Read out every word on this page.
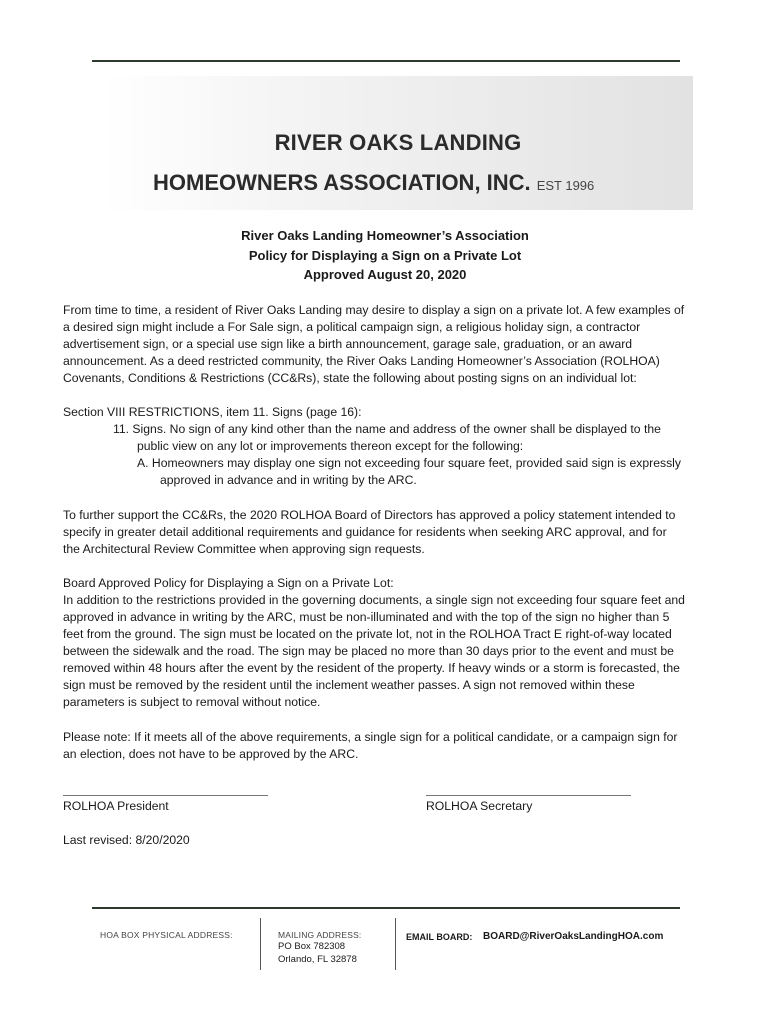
RIVER OAKS LANDING
HOMEOWNERS ASSOCIATION, INC. EST 1996
River Oaks Landing Homeowner’s Association
Policy for Displaying a Sign on a Private Lot
Approved August 20, 2020
From time to time, a resident of River Oaks Landing may desire to display a sign on a private lot. A few examples of
a desired sign might include a For Sale sign, a political campaign sign, a religious holiday sign, a contractor
advertisement sign, or a special use sign like a birth announcement, garage sale, graduation, or an award
announcement. As a deed restricted community, the River Oaks Landing Homeowner’s Association (ROLHOA)
Covenants, Conditions & Restrictions (CC&Rs), state the following about posting signs on an individual lot:
Section VIII RESTRICTIONS, item 11. Signs (page 16):
11. Signs. No sign of any kind other than the name and address of the owner shall be displayed to the
public view on any lot or improvements thereon except for the following:
A. Homeowners may display one sign not exceeding four square feet, provided said sign is expressly
approved in advance and in writing by the ARC.
To further support the CC&Rs, the 2020 ROLHOA Board of Directors has approved a policy statement intended to
specify in greater detail additional requirements and guidance for residents when seeking ARC approval, and for
the Architectural Review Committee when approving sign requests.
Board Approved Policy for Displaying a Sign on a Private Lot:
In addition to the restrictions provided in the governing documents, a single sign not exceeding four square feet and
approved in advance in writing by the ARC, must be non-illuminated and with the top of the sign no higher than 5
feet from the ground. The sign must be located on the private lot, not in the ROLHOA Tract E right-of-way located
between the sidewalk and the road. The sign may be placed no more than 30 days prior to the event and must be
removed within 48 hours after the event by the resident of the property. If heavy winds or a storm is forecasted, the
sign must be removed by the resident until the inclement weather passes. A sign not removed within these
parameters is subject to removal without notice.
Please note: If it meets all of the above requirements, a single sign for a political candidate, or a campaign sign for
an election, does not have to be approved by the ARC.
ROLHOA President	ROLHOA Secretary
Last revised: 8/20/2020
HOA BOX PHYSICAL ADDRESS:	MAILING ADDRESS:
PO Box 782308
Orlando, FL 32878
EMAIL BOARD: BOARD@RiverOaksLandingHOA.com
